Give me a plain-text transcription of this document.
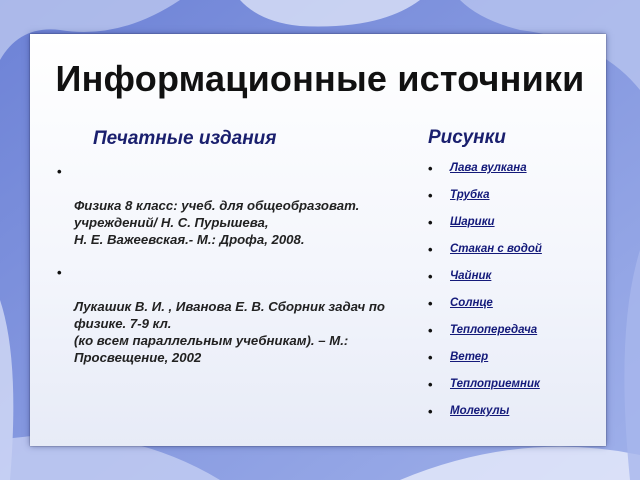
Информационные источники
Печатные издания

•

Физика 8 класс: учеб. для общеобразоват. учреждений/ Н. С. Пурышева,
Н. Е. Важеевская.- М.: Дрофа, 2008.

•

Лукашик В. И. , Иванова Е. В. Сборник задач по физике. 7-9 кл.
(ко всем параллельным учебникам). – М.: Просвещение, 2002

Рисунки
• Лава вулкана
• Трубка
• Шарики
• Стакан с водой
• Чайник
• Солнце
• Теплопередача
• Ветер
• Теплоприемник
• Молекулы
